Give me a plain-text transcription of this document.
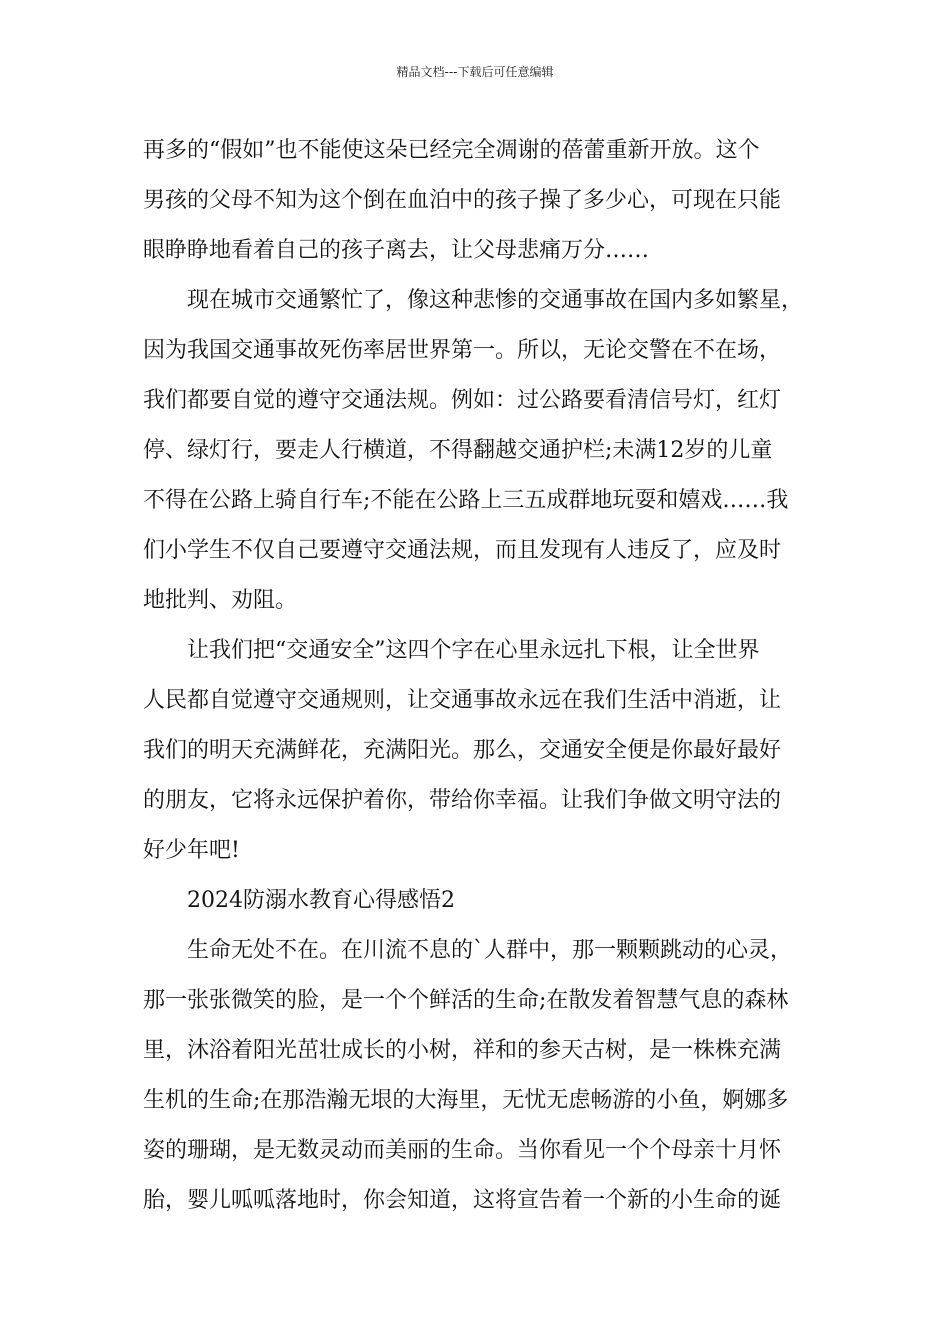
精品文档---下载后可任意编辑
再多的“假如”也不能使这朵已经完全凋谢的蓓蕾重新开放。这个
男孩的父母不知为这个倒在血泊中的孩子操了多少心，可现在只能
眼睁睁地看着自己的孩子离去，让父母悲痛万分……
现在城市交通繁忙了，像这种悲惨的交通事故在国内多如繁星，
因为我国交通事故死伤率居世界第一。所以，无论交警在不在场，
我们都要自觉的遵守交通法规。例如：过公路要看清信号灯，红灯
停、绿灯行，要走人行横道，不得翻越交通护栏;未满12岁的儿童
不得在公路上骑自行车;不能在公路上三五成群地玩耍和嬉戏……我
们小学生不仅自己要遵守交通法规，而且发现有人违反了，应及时
地批判、劝阻。
让我们把“交通安全”这四个字在心里永远扎下根，让全世界
人民都自觉遵守交通规则，让交通事故永远在我们生活中消逝，让
我们的明天充满鲜花，充满阳光。那么，交通安全便是你最好最好
的朋友，它将永远保护着你，带给你幸福。让我们争做文明守法的
好少年吧!
2024防溺水教育心得感悟2
生命无处不在。在川流不息的`人群中，那一颗颗跳动的心灵，
那一张张微笑的脸，是一个个鲜活的生命;在散发着智慧气息的森林
里，沐浴着阳光茁壮成长的小树，祥和的参天古树，是一株株充满
生机的生命;在那浩瀚无垠的大海里，无忧无虑畅游的小鱼，婀娜多
姿的珊瑚，是无数灵动而美丽的生命。当你看见一个个母亲十月怀
胎，婴儿呱呱落地时，你会知道，这将宣告着一个新的小生命的诞
